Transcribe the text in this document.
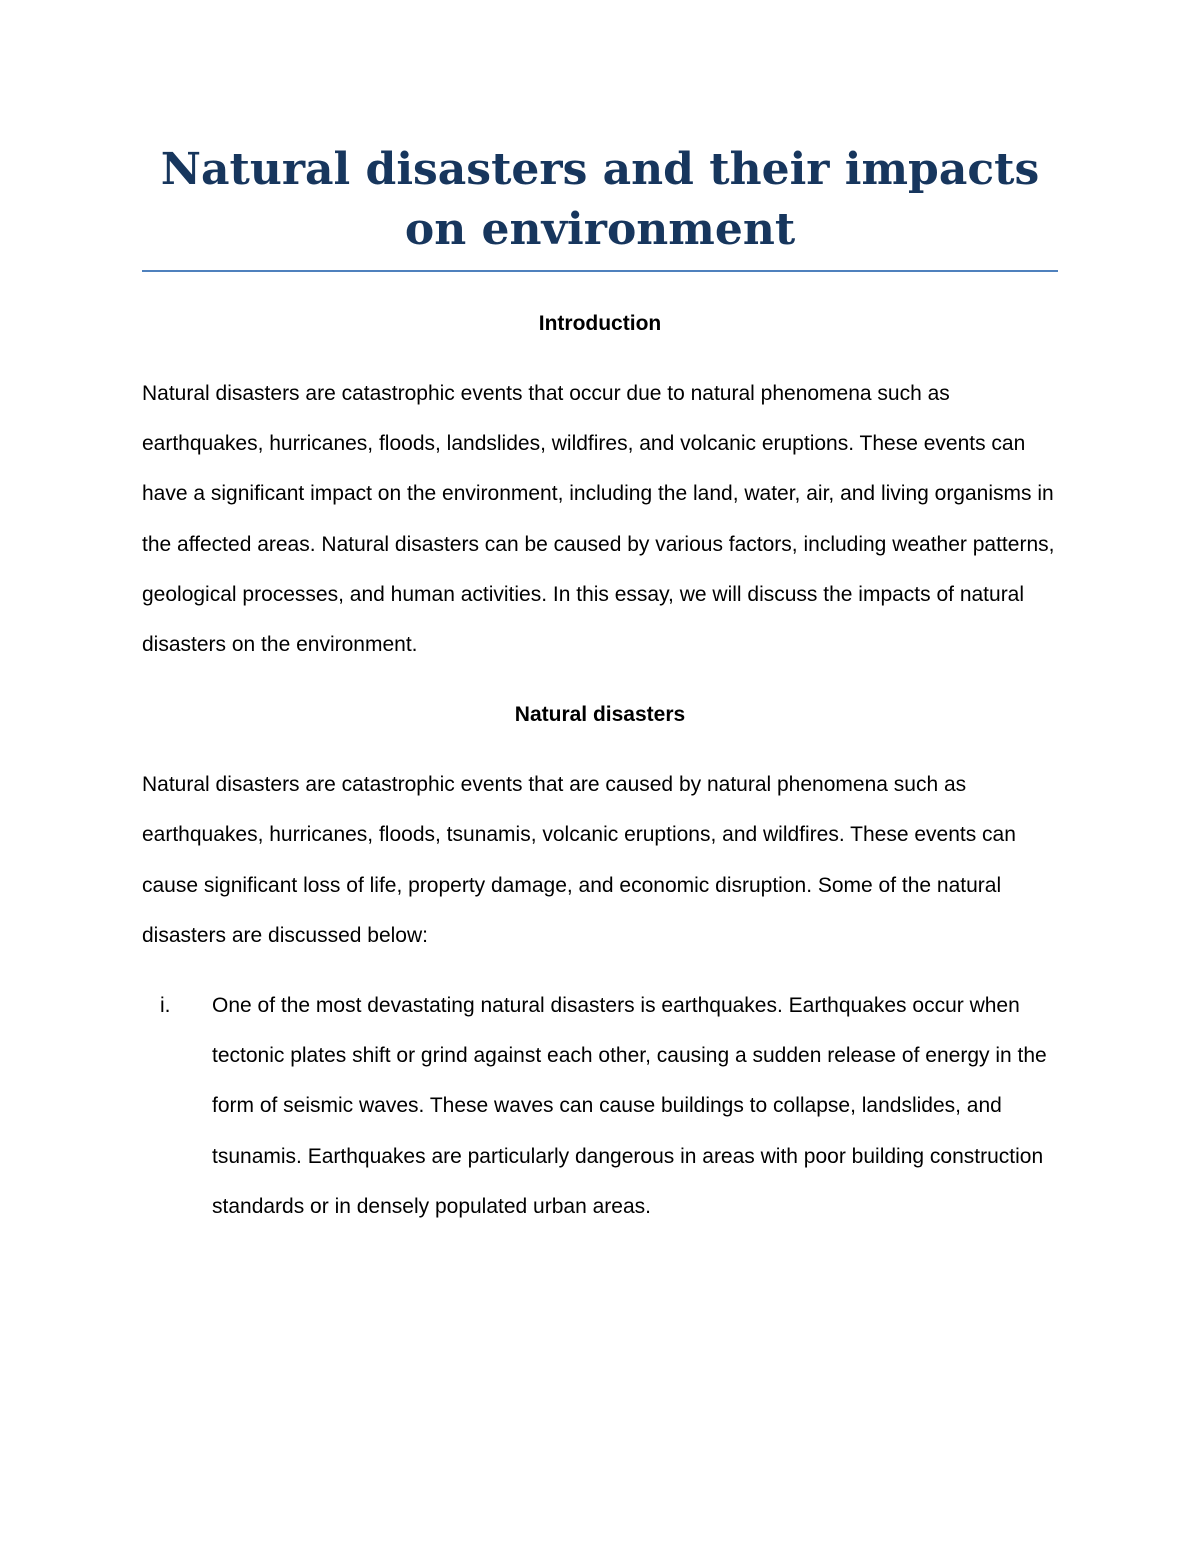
Natural disasters and their impacts on environment
Introduction

Natural disasters are catastrophic events that occur due to natural phenomena such as earthquakes, hurricanes, floods, landslides, wildfires, and volcanic eruptions. These events can have a significant impact on the environment, including the land, water, air, and living organisms in the affected areas. Natural disasters can be caused by various factors, including weather patterns, geological processes, and human activities. In this essay, we will discuss the impacts of natural disasters on the environment.

Natural disasters

Natural disasters are catastrophic events that are caused by natural phenomena such as earthquakes, hurricanes, floods, tsunamis, volcanic eruptions, and wildfires. These events can cause significant loss of life, property damage, and economic disruption. Some of the natural disasters are discussed below:

i. One of the most devastating natural disasters is earthquakes. Earthquakes occur when tectonic plates shift or grind against each other, causing a sudden release of energy in the form of seismic waves. These waves can cause buildings to collapse, landslides, and tsunamis. Earthquakes are particularly dangerous in areas with poor building construction standards or in densely populated urban areas.
